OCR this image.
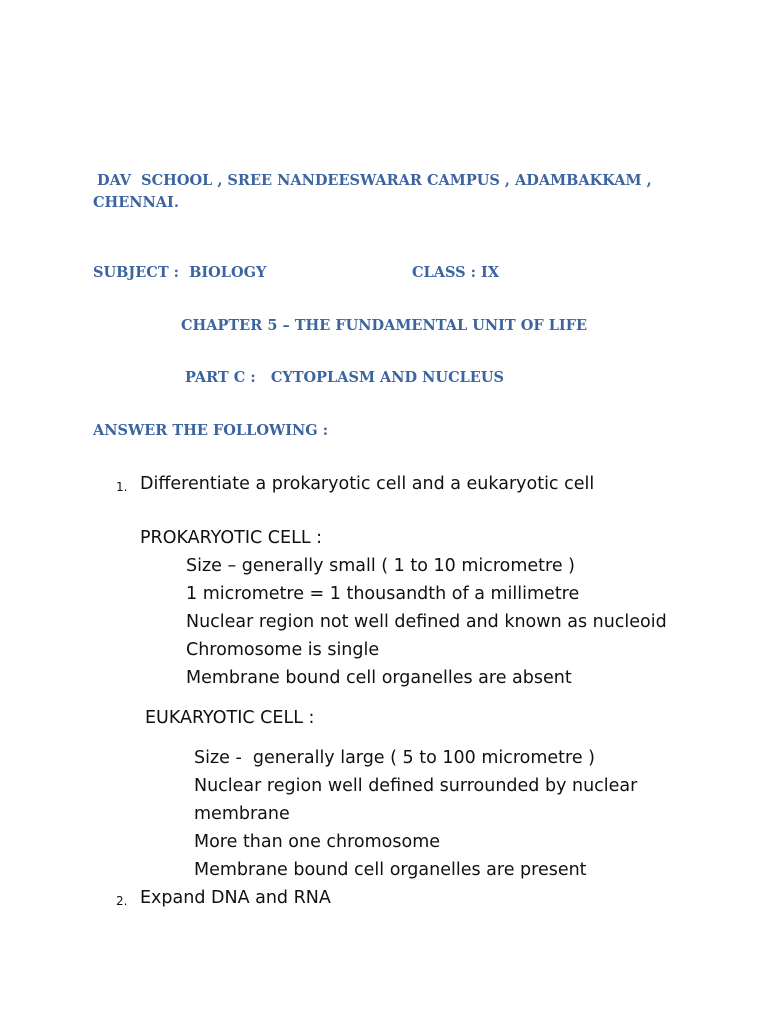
DAV  SCHOOL , SREE NANDEESWARAR CAMPUS , ADAMBAKKAM ,

CHENNAI.

SUBJECT :  BIOLOGY	CLASS : IX

CHAPTER 5 – THE FUNDAMENTAL UNIT OF LIFE

PART C :   CYTOPLASM AND NUCLEUS

ANSWER THE FOLLOWING :

1. Differentiate a prokaryotic cell and a eukaryotic cell

PROKARYOTIC CELL :

Size – generally small ( 1 to 10 micrometre )

1 micrometre = 1 thousandth of a millimetre

Nuclear region not well defined and known as nucleoid

Chromosome is single

Membrane bound cell organelles are absent

EUKARYOTIC CELL :

Size -  generally large ( 5 to 100 micrometre )

Nuclear region well defined surrounded by nuclear

membrane

More than one chromosome

Membrane bound cell organelles are present

2. Expand DNA and RNA
